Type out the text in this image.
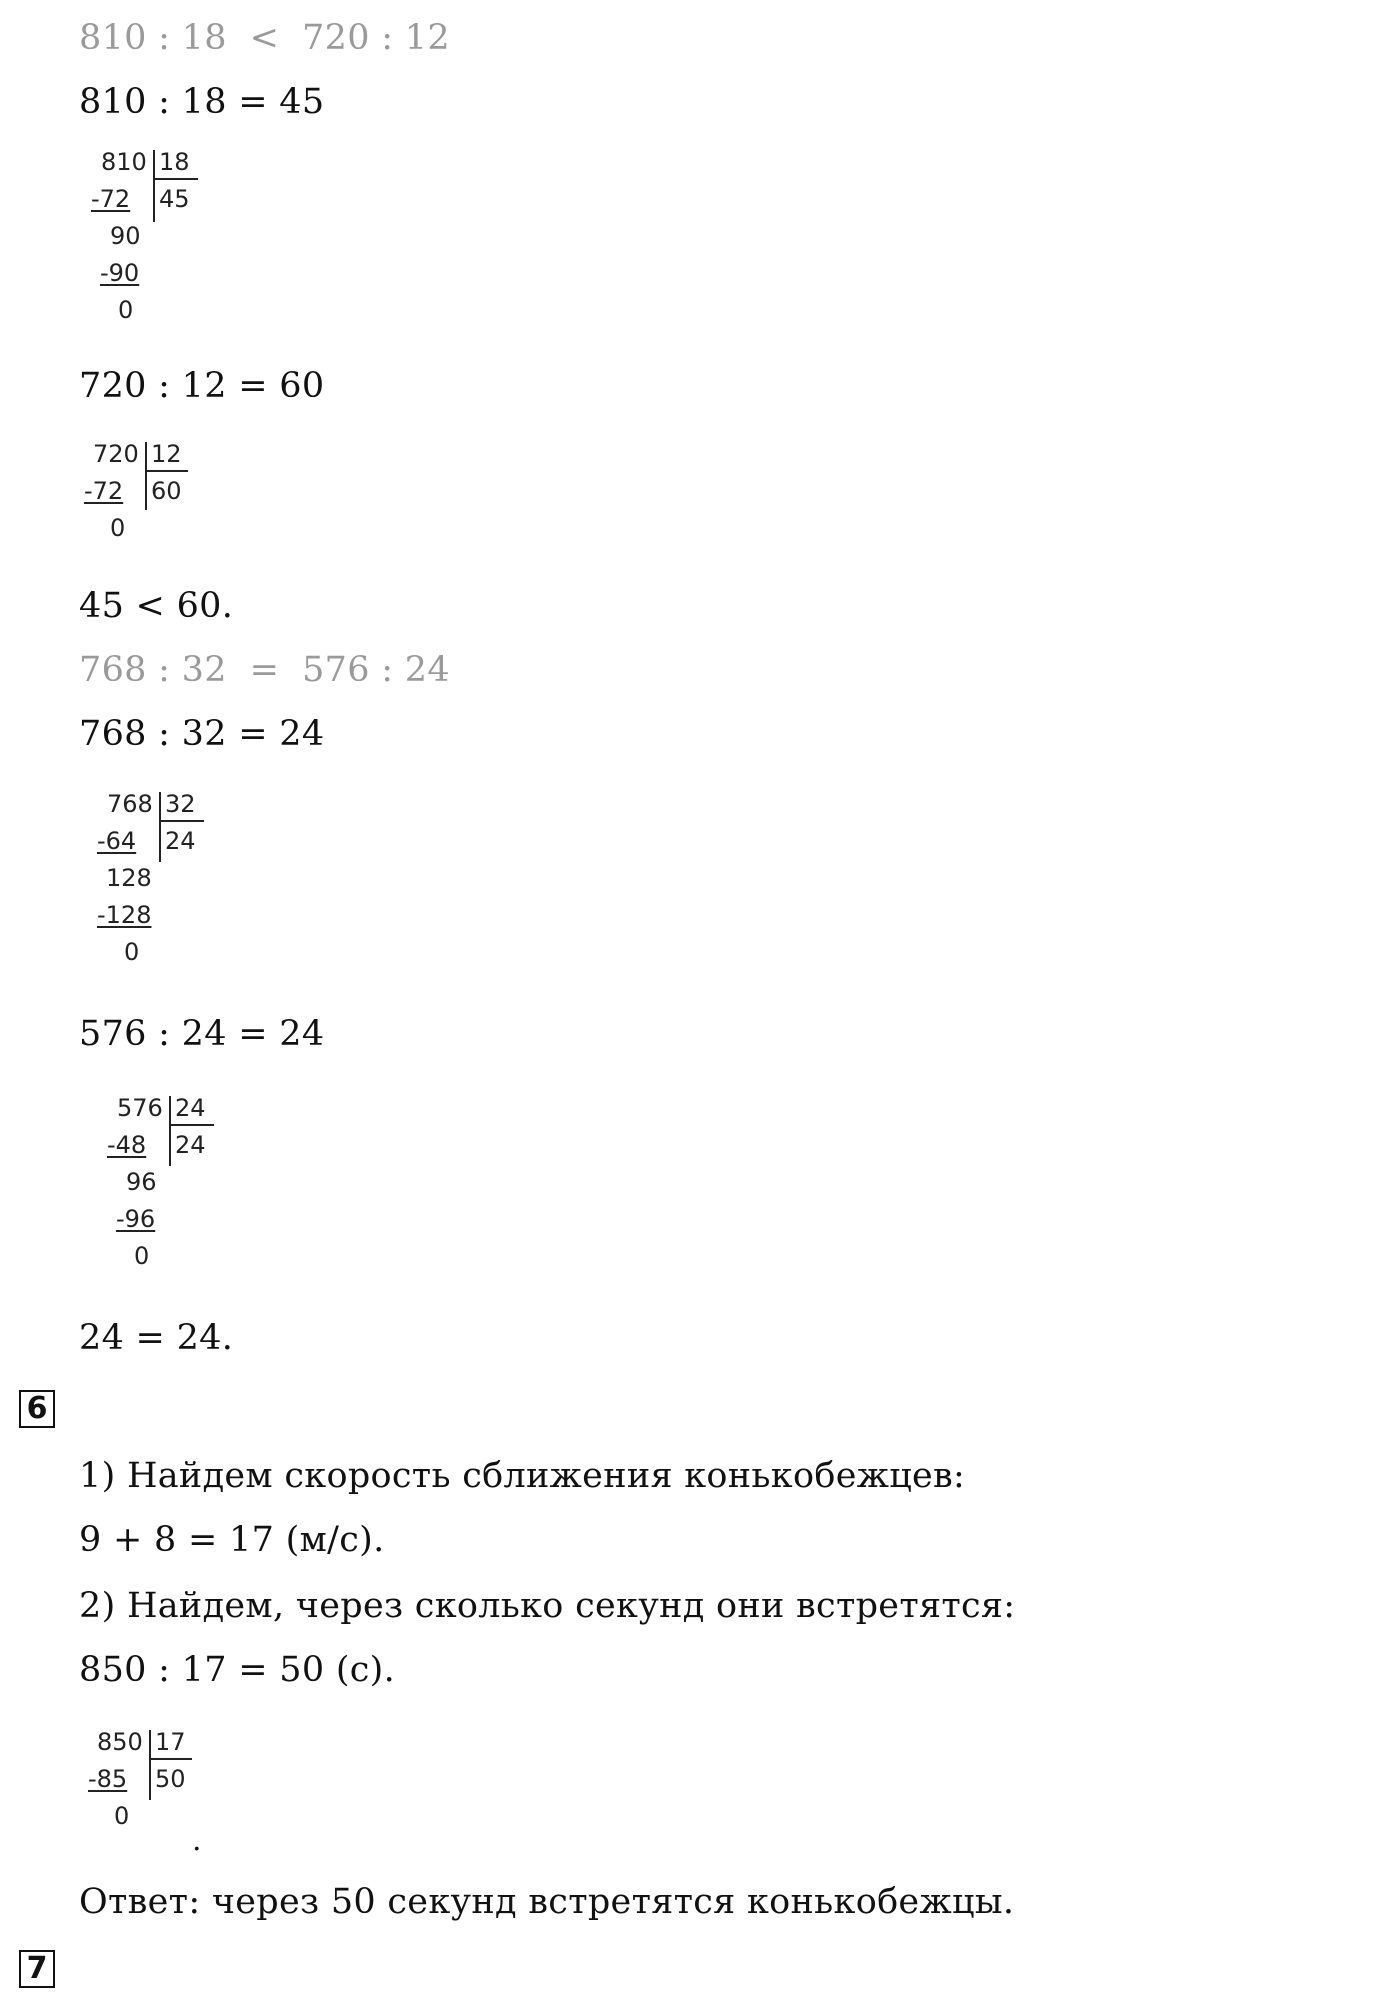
810 : 18  <  720 : 12
810 : 18 = 45
810 18
45
-72
90
-90
0
720 : 12 = 60
720 12
60
-72
0
45 < 60.
768 : 32  =  576 : 24
768 : 32 = 24
768 32
24
-64
128
-128
0
576 : 24 = 24
576 24
24
-48
96
-96
0
24 = 24.
6
1) Найдем скорость сближения конькобежцев:
9 + 8 = 17 (м/с).
2) Найдем, через сколько секунд они встретятся:
850 : 17 = 50 (с).
850 17
50
-85
0
.
Ответ: через 50 секунд встретятся конькобежцы.
7
